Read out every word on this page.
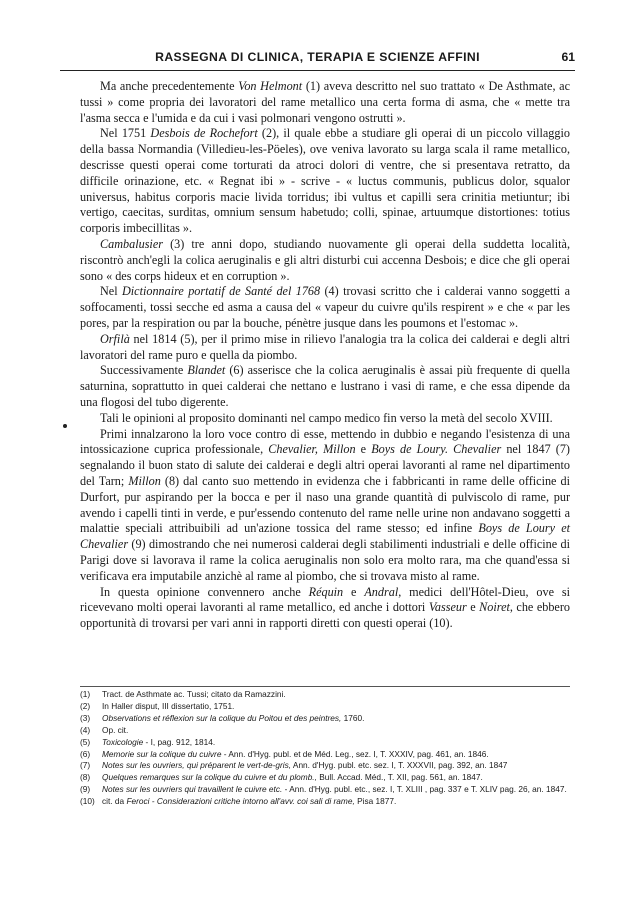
RASSEGNA DI CLINICA, TERAPIA E SCIENZE AFFINI	61

Ma anche precedentemente Von Helmont (1) aveva descritto nel suo trattato « De Asthmate, ac tussi » come propria dei lavoratori del rame metallico una certa forma di asma, che « mette tra l'asma secca e l'umida e da cui i vasi polmonari vengono ostrutti ».

Nel 1751 Desbois de Rochefort (2), il quale ebbe a studiare gli operai di un piccolo villaggio della bassa Normandia (Villedieu-les-Pöeles), ove veniva lavorato su larga scala il rame metallico, descrisse questi operai come torturati da atroci dolori di ventre, che si presentava retratto, da difficile orinazione, etc. « Regnat ibi » - scrive - « luctus communis, publicus dolor, squalor universus, habitus corporis macie livida torridus; ibi vultus et capilli sera crinitia metiuntur; ibi vertigo, caecitas, surditas, omnium sensum habetudo; colli, spinae, artuumque distortiones: totius corporis imbecillitas ».

Cambalusier (3) tre anni dopo, studiando nuovamente gli operai della suddetta località, riscontrò anch'egli la colica aeruginalis e gli altri disturbi cui accenna Desbois; e dice che gli operai sono « des corps hideux et en corruption ».

Nel Dictionnaire portatif de Santé del 1768 (4) trovasi scritto che i calderai vanno soggetti a soffocamenti, tossi secche ed asma a causa del « vapeur du cuivre qu'ils respirent » e che « par les pores, par la respiration ou par la bouche, pénètre jusque dans les poumons et l'estomac ».

Orfilà nel 1814 (5), per il primo mise in rilievo l'analogia tra la colica dei calderai e degli altri lavoratori del rame puro e quella da piombo.

Successivamente Blandet (6) asserisce che la colica aeruginalis è assai più frequente di quella saturnina, soprattutto in quei calderai che nettano e lustrano i vasi di rame, e che essa dipende da una flogosi del tubo digerente.

Tali le opinioni al proposito dominanti nel campo medico fin verso la metà del secolo XVIII.

Primi innalzarono la loro voce contro di esse, mettendo in dubbio e negando l'esistenza di una intossicazione cuprica professionale, Chevalier, Millon e Boys de Loury. Chevalier nel 1847 (7) segnalando il buon stato di salute dei calderai e degli altri operai lavoranti al rame nel dipartimento del Tarn; Millon (8) dal canto suo mettendo in evidenza che i fabbricanti in rame delle officine di Durfort, pur aspirando per la bocca e per il naso una grande quantità di pulviscolo di rame, pur avendo i capelli tinti in verde, e pur'essendo contenuto del rame nelle urine non andavano soggetti a malattie speciali attribuibili ad un'azione tossica del rame stesso; ed infine Boys de Loury et Chevalier (9) dimostrando che nei numerosi calderai degli stabilimenti industriali e delle officine di Parigi dove si lavorava il rame la colica aeruginalis non solo era molto rara, ma che quand'essa si verificava era imputabile anzichè al rame al piombo, che si trovava misto al rame.

In questa opinione convennero anche Réquin e Andral, medici dell'Hôtel-Dieu, ove si ricevevano molti operai lavoranti al rame metallico, ed anche i dottori Vasseur e Noiret, che ebbero opportunità di trovarsi per vari anni in rapporti diretti con questi operai (10).

(1)	Tract. de Asthmate ac. Tussi; citato da Ramazzini.
(2)	In Haller disput, III dissertatio, 1751.
(3)	Observations et réflexion sur la colique du Poitou et des peintres, 1760.
(4)	Op. cit.
(5)	Toxicologie - I, pag. 912, 1814.
(6)	Memorie sur la colique du cuivre - Ann. d'Hyg. publ. et de Méd. Leg., sez. I, T. XXXIV, pag. 461, an. 1846.
(7)	Notes sur les ouvriers, qui préparent le vert-de-gris, Ann. d'Hyg. publ. etc. sez. I, T. XXXVII, pag. 392, an. 1847
(8)	Quelques remarques sur la colique du cuivre et du plomb., Bull. Accad. Méd., T. XII, pag. 561, an. 1847.
(9)	Notes sur les ouvriers qui travaillent le cuivre etc. - Ann. d'Hyg. publ. etc., sez. I, T. XLIII , pag. 337 e T. XLIV pag. 26, an. 1847.
(10) cit. da Feroci - Considerazioni critiche intorno all'avv. coi sali di rame, Pisa 1877.
